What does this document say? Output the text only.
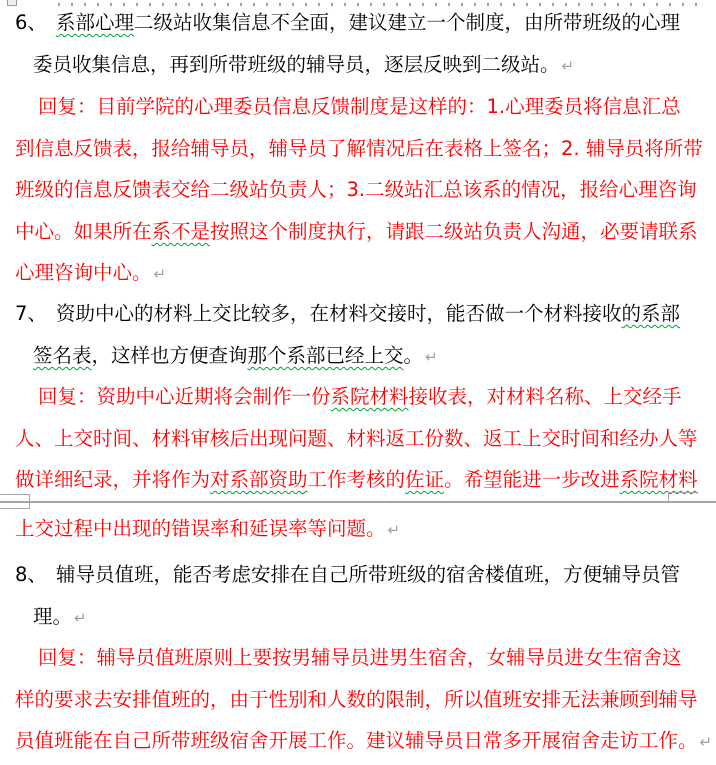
6、 系部心理二级站收集信息不全面，建议建立一个制度，由所带班级的心理
委员收集信息，再到所带班级的辅导员，逐层反映到二级站。 ↵
回复：目前学院的心理委员信息反馈制度是这样的：1.心理委员将信息汇总
到信息反馈表，报给辅导员，辅导员了解情况后在表格上签名；2. 辅导员将所带
班级的信息反馈表交给二级站负责人；3.二级站汇总该系的情况，报给心理咨询
中心。如果所在系不是按照这个制度执行，请跟二级站负责人沟通，必要请联系
心理咨询中心。 ↵
7、 资助中心的材料上交比较多，在材料交接时，能否做一个材料接收的系部
签名表，这样也方便查询那个系部已经上交。 ↵
回复：资助中心近期将会制作一份系院材料接收表，对材料名称、上交经手
人、上交时间、材料审核后出现问题、材料返工份数、返工上交时间和经办人等
做详细纪录，并将作为对系部资助工作考核的佐证。希望能进一步改进系院材料
上交过程中出现的错误率和延误率等问题。 ↵
8、 辅导员值班，能否考虑安排在自己所带班级的宿舍楼值班，方便辅导员管
理。 ↵
回复：辅导员值班原则上要按男辅导员进男生宿舍，女辅导员进女生宿舍这
样的要求去安排值班的，由于性别和人数的限制，所以值班安排无法兼顾到辅导
员值班能在自己所带班级宿舍开展工作。建议辅导员日常多开展宿舍走访工作。 ↵
